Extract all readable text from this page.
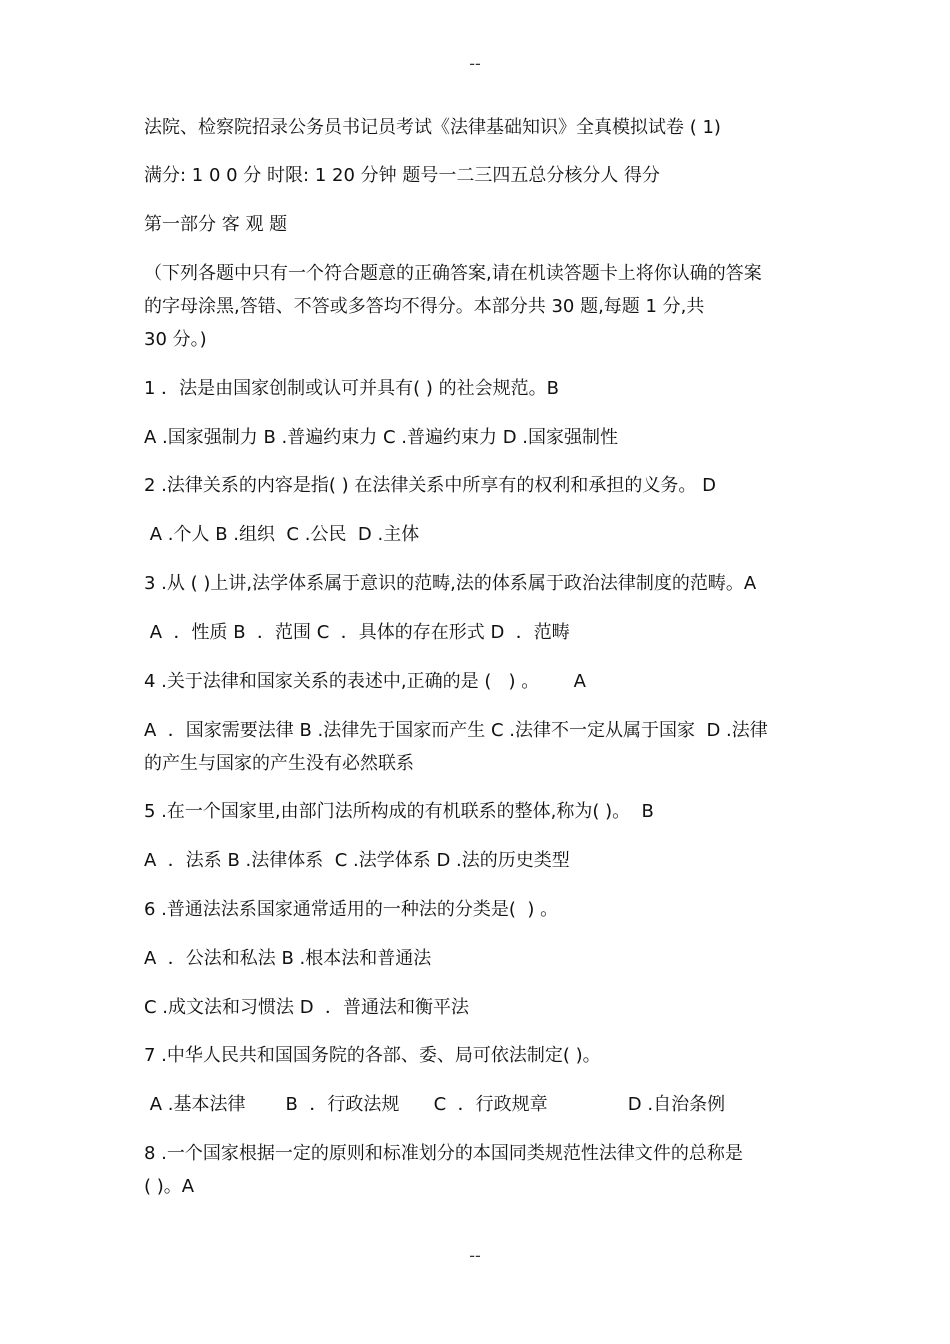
--
法院、检察院招录公务员书记员考试《法律基础知识》全真模拟试卷 ( 1)
满分: 1 0 0 分 时限: 1 20 分钟 题号一二三四五总分核分人 得分
第一部分 客 观 题
（下列各题中只有一个符合题意的正确答案,请在机读答题卡上将你认确的答案
的字母涂黑,答错、不答或多答均不得分。本部分共 30 题,每题 1 分,共
30 分。)
1 ．法是由国家创制或认可并具有( ) 的社会规范。B
A .国家强制力 B .普遍约束力 C .普遍约束力 D .国家强制性
2 .法律关系的内容是指( ) 在法律关系中所享有的权利和承担的义务。 D
A .个人 B .组织  C .公民  D .主体
3 .从 ( )上讲,法学体系属于意识的范畴,法的体系属于政治法律制度的范畴。A
A  ．性质 B  ．范围 C  ．具体的存在形式 D  ．范畴
4 .关于法律和国家关系的表述中,正确的是 (   ) 。      A
A  ．国家需要法律 B .法律先于国家而产生 C .法律不一定从属于国家  D .法律
的产生与国家的产生没有必然联系
5 .在一个国家里,由部门法所构成的有机联系的整体,称为( )。  B
A  ．法系 B .法律体系  C .法学体系 D .法的历史类型
6 .普通法法系国家通常适用的一种法的分类是(  ) 。
A  ．公法和私法 B .根本法和普通法
C .成文法和习惯法 D  ．普通法和衡平法
7 .中华人民共和国国务院的各部、委、局可依法制定( )。
A .基本法律       B  ．行政法规      C  ．行政规章              D .自治条例
8 .一个国家根据一定的原则和标准划分的本国同类规范性法律文件的总称是
( )。A
--
